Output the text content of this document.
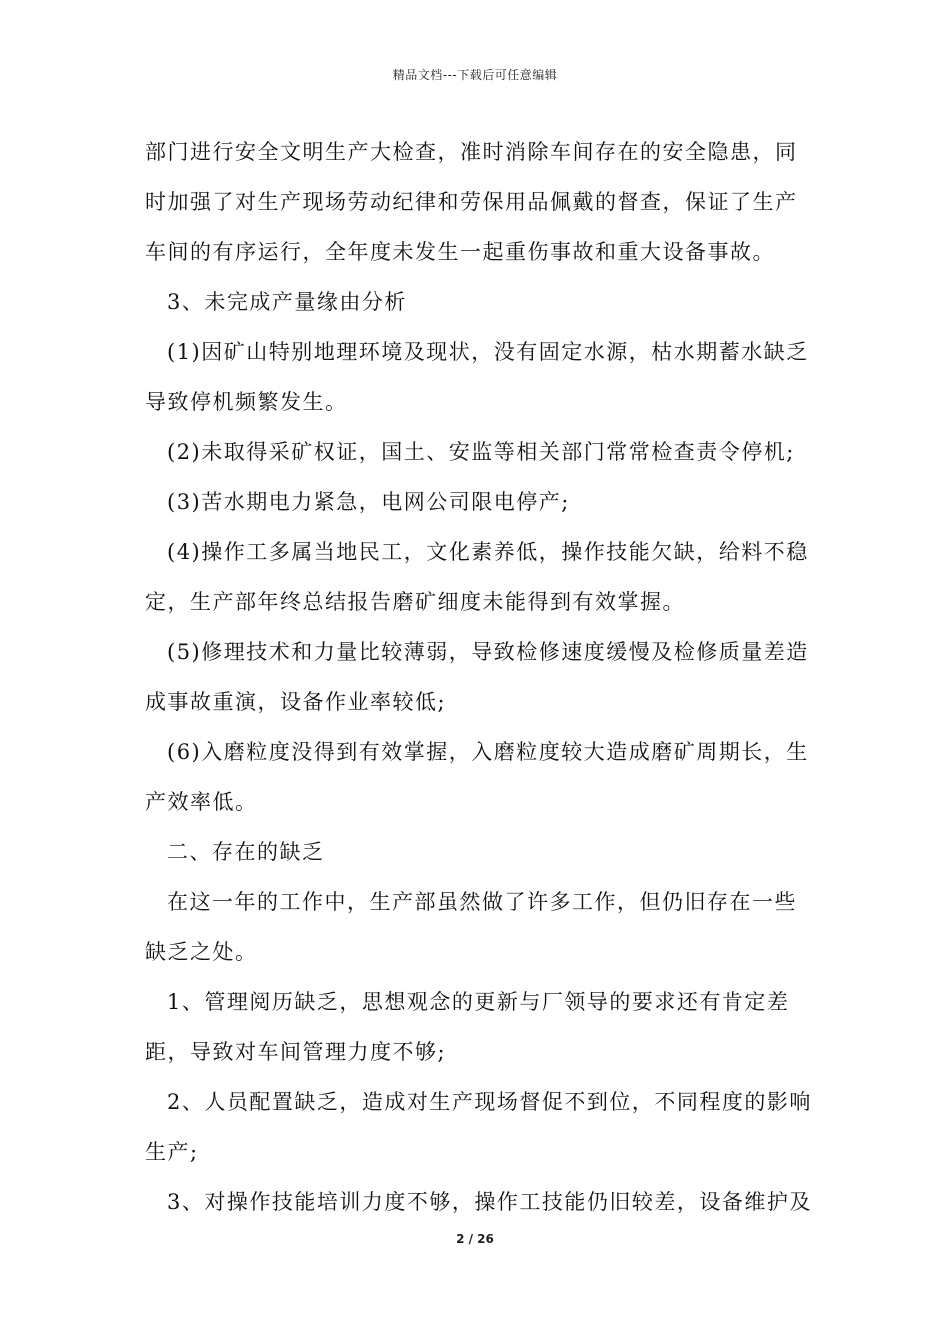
精品文档---下载后可任意编辑

部门进行安全文明生产大检查，准时消除车间存在的安全隐患，同时加强了对生产现场劳动纪律和劳保用品佩戴的督查，保证了生产车间的有序运行，全年度未发生一起重伤事故和重大设备事故。

3、未完成产量缘由分析

(1)因矿山特别地理环境及现状，没有固定水源，枯水期蓄水缺乏导致停机频繁发生。

(2)未取得采矿权证，国土、安监等相关部门常常检查责令停机;

(3)苦水期电力紧急，电网公司限电停产;

(4)操作工多属当地民工，文化素养低，操作技能欠缺，给料不稳定，生产部年终总结报告磨矿细度未能得到有效掌握。

(5)修理技术和力量比较薄弱，导致检修速度缓慢及检修质量差造成事故重演，设备作业率较低;

(6)入磨粒度没得到有效掌握，入磨粒度较大造成磨矿周期长，生产效率低。

二、存在的缺乏

在这一年的工作中，生产部虽然做了许多工作，但仍旧存在一些缺乏之处。

1、管理阅历缺乏，思想观念的更新与厂领导的要求还有肯定差距，导致对车间管理力度不够;

2、人员配置缺乏，造成对生产现场督促不到位，不同程度的影响生产;

3、对操作技能培训力度不够，操作工技能仍旧较差，设备维护及

2 / 26
